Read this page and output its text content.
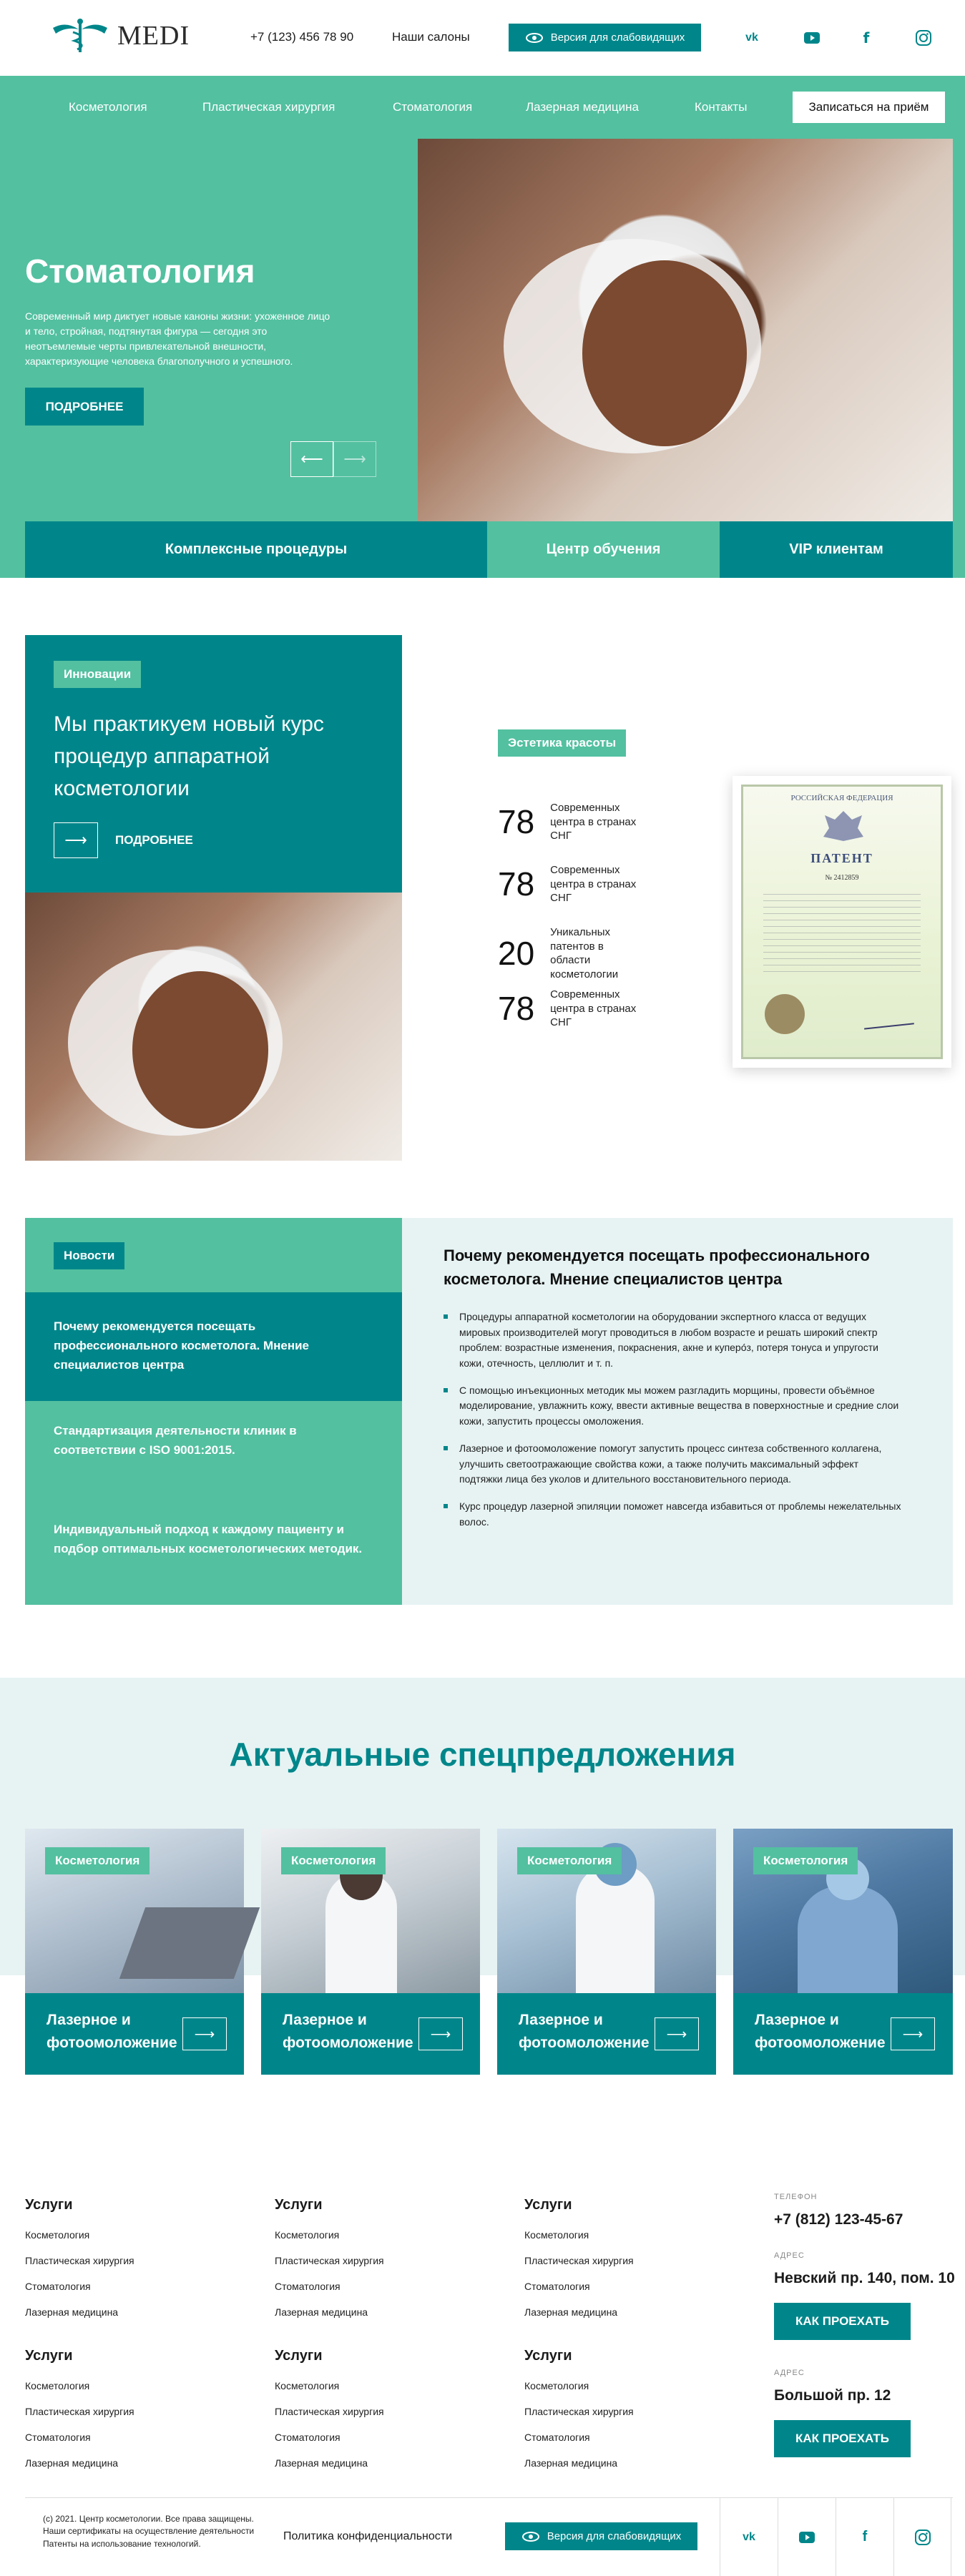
MEDI	+7 (123) 456 78 90	Наши салоны	Версия для слабовидящих	vk	f
Косметология	Пластическая хирургия	Стоматология	Лазерная медицина	Контакты	Записаться на приём
Стоматология

Современный мир диктует новые каноны жизни: ухоженное лицо и тело, стройная, подтянутая фигура — сегодня это неотъемлемые черты привлекательной внешности, характеризующие человека благополучного и успешного.

ПОДРОБНЕЕ
⟵ ⟶
Комплексные процедуры	Центр обучения	VIP клиентам
Инновации
Мы практикуем новый курс процедур аппаратной косметологии
⟶ ПОДРОБНЕЕ
Эстетика красоты
78 Современных центра в странах СНГ
78 Современных центра в странах СНГ
20
Уникальных патентов в области косметологии
78 Современных центра в странах СНГ
РОССИЙСКАЯ ФЕДЕРАЦИЯ
ПАТЕНТ
№ 2412859
Новости
Почему рекомендуется посещать профессионального косметолога. Мнение специалистов центра
Стандартизация деятельности клиник в соответствии с ISO 9001:2015.
Индивидуальный подход к каждому пациенту и подбор оптимальных косметологических методик.
Почему рекомендуется посещать профессионального косметолога. Мнение специалистов центра
Процедуры аппаратной косметологии на оборудовании экспертного класса от ведущих мировых производителей могут проводиться в любом возрасте и решать широкий спектр проблем: возрастные изменения, покраснения, акне и куперо́з, потеря тонуса и упругости кожи, отечность, целлюлит и т. п.
С помощью инъекционных методик мы можем разгладить морщины, провести объёмное моделирование, увлажнить кожу, ввести активные вещества в поверхностные и средние слои кожи, запустить процессы омоложения.
Лазерное и фотоомоложение помогут запустить процесс синтеза собственного коллагена, улучшить светоотражающие свойства кожи, а также получить максимальный эффект подтяжки лица без уколов и длительного восстановительного периода.
Курс процедур лазерной эпиляции поможет навсегда избавиться от проблемы нежелательных волос.
Актуальные спецпредложения
Косметология
Лазерное и фотоомоложение ⟶
Косметология
Лазерное и фотоомоложение ⟶
Косметология
Лазерное и фотоомоложение ⟶
Косметология
Лазерное и фотоомоложение ⟶
Услуги
Косметология
Пластическая хирургия
Стоматология
Лазерная медицина
Услуги
Косметология
Пластическая хирургия
Стоматология
Лазерная медицина
Услуги
Косметология
Пластическая хирургия
Стоматология
Лазерная медицина
Услуги
Косметология
Пластическая хирургия
Стоматология
Лазерная медицина
Услуги
Косметология
Пластическая хирургия
Стоматология
Лазерная медицина
Услуги
Косметология
Пластическая хирургия
Стоматология
Лазерная медицина
ТЕЛЕФОН
+7 (812) 123-45-67
АДРЕС
Невский пр. 140, пом. 10
КАК ПРОЕХАТЬ
АДРЕС
Большой пр. 12
КАК ПРОЕХАТЬ

(с) 2021. Центр косметологии. Все права защищены. Наши сертификаты на осуществление деятельности Патенты на использование технологий.

Политика конфиденциальности	Версия для слабовидящих	vk	f
